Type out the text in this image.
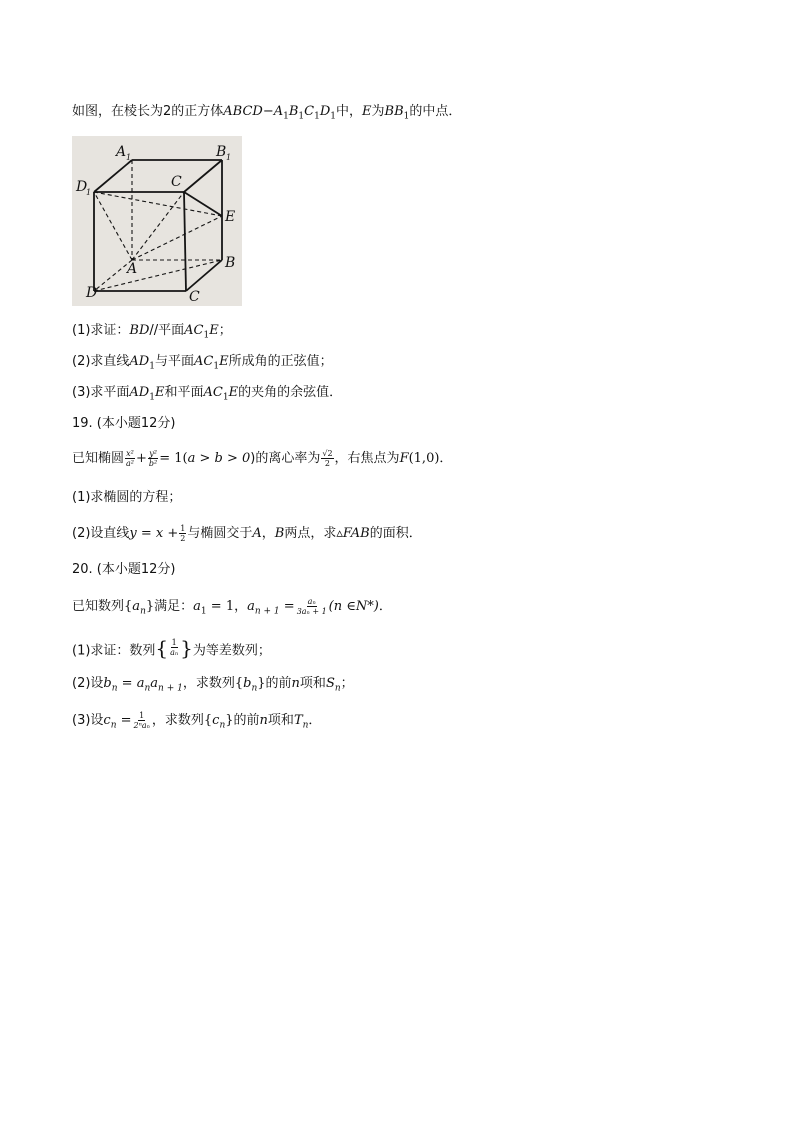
如图，在棱长为2的正方体$ABCD-A_1B_1C_1D_1$中，E为$BB_1$的中点．
A 1	B 1
D
1
C
E
A	B
D	C
(1)求证：BD//平面$AC_1E$；
(2)求直线$AD_1$与平面$AC_1E$所成角的正弦值；
(3)求平面$AD_1E$和平面$AC_1E$的夹角的余弦值．
19. (本小题12分)
已知椭圆 $\frac{\text{x²}}{\text{a²}} + \frac{\text{y²}}{\text{b²}} = 1(a > b > 0)$的离心率为 $\frac{√2}{2}$ ，右焦点为F(1,0)．
(1)求椭圆的方程；
(2)设直线$y = x + \frac{1}{2}$ 与椭圆交于A，B两点，求▵FAB的面积．
20. (本小题12分)
已知数列$\{a_n\}$满足：$a_1 = 1$，$a_{n + 1} = \frac{\text{aₙ}}{\text{3aₙ + 1}} (n$ ∈N*)．
(1)求证：数列 { $\frac{1}{\text{aₙ}}$ } 为等差数列；
(2)设$b_n = a_na_{n + 1}$，求数列$\{b_n\}$的前n项和$S_n$；
(3)设$c_n = \frac{1}{\text{2ⁿaₙ}}$ ，求数列$\{c_n\}$的前n项和$T_n$．
